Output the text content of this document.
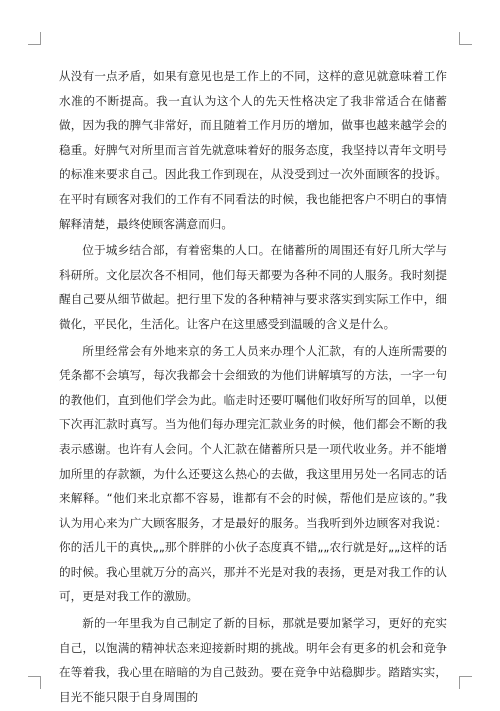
从没有一点矛盾，如果有意见也是工作上的不同，这样的意见就意味着工作水准的不断提高。我一直认为这个人的先天性格决定了我非常适合在储蓄做，因为我的脾气非常好，而且随着工作月历的增加，做事也越来越学会的稳重。好脾气对所里而言首先就意味着好的服务态度，我坚持以青年文明号的标准来要求自己。因此我工作到现在，从没受到过一次外面顾客的投诉。在平时有顾客对我们的工作有不同看法的时候，我也能把客户不明白的事情解释清楚，最终使顾客满意而归。

位于城乡结合部，有着密集的人口。在储蓄所的周围还有好几所大学与科研所。文化层次各不相同，他们每天都要为各种不同的人服务。我时刻提醒自己要从细节做起。把行里下发的各种精神与要求落实到实际工作中，细微化，平民化，生活化。让客户在这里感受到温暖的含义是什么。

所里经常会有外地来京的务工人员来办理个人汇款，有的人连所需要的凭条都不会填写，每次我都会十会细致的为他们讲解填写的方法，一字一句的教他们，直到他们学会为此。临走时还要叮嘱他们收好所写的回单，以便下次再汇款时真写。当为他们每办理完汇款业务的时候，他们都会不断的我表示感谢。也许有人会问。个人汇款在储蓄所只是一项代收业务。并不能增加所里的存款额，为什么还要这么热心的去做，我这里用另处一名同志的话来解释。“他们来北京都不容易，谁都有不会的时候，帮他们是应该的。”我认为用心来为广大顾客服务，才是最好的服务。当我听到外边顾客对我说：你的活儿干的真快„„那个胖胖的小伙子态度真不错„„农行就是好„„这样的话的时候。我心里就万分的高兴，那并不光是对我的表扬，更是对我工作的认可，更是对我工作的激励。

新的一年里我为自己制定了新的目标，那就是要加紧学习，更好的充实自己，以饱满的精神状态来迎接新时期的挑战。明年会有更多的机会和竞争在等着我，我心里在暗暗的为自己鼓劲。要在竞争中站稳脚步。踏踏实实，目光不能只限于自身周围的
